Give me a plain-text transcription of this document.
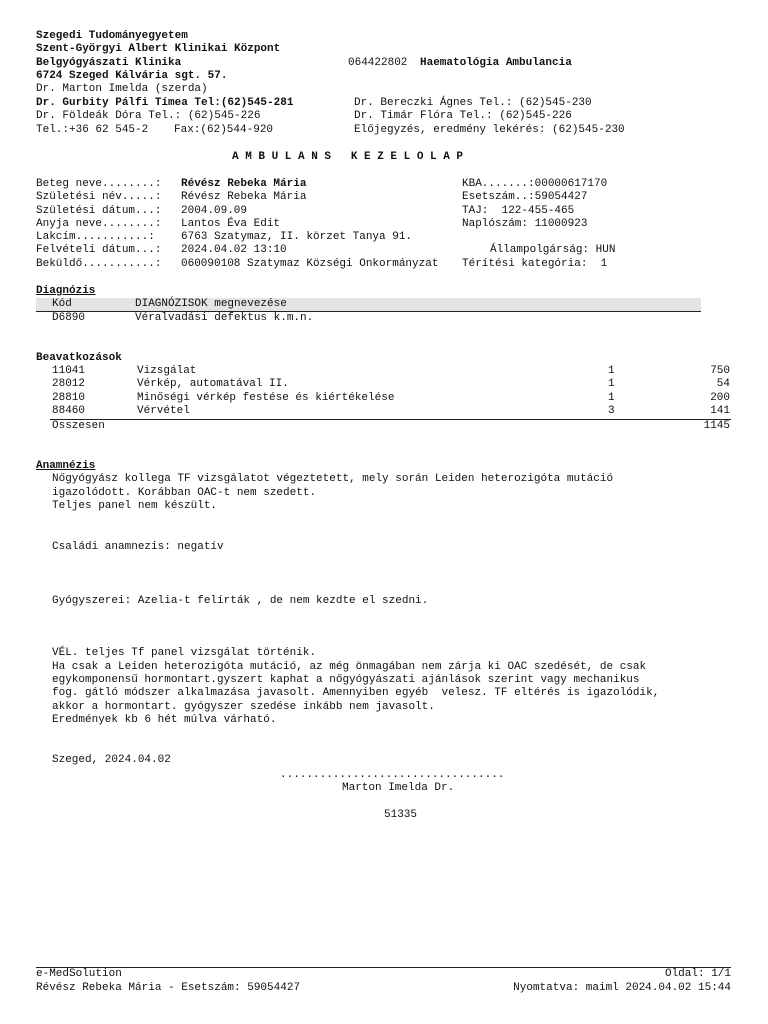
Szegedi Tudományegyetem
Szent-Györgyi Albert Klinikai Központ
Belgyógyászati Klinika	064422802 Haematológia Ambulancia
6724 Szeged Kálvária sgt. 57.
Dr. Marton Imelda (szerda)
Dr. Gurbity Pálfi Tímea Tel:(62)545-281	Dr. Bereczki Ágnes Tel.: (62)545-230
Dr. Földeák Dóra Tel.: (62)545-226	Dr. Timár Flóra Tel.: (62)545-226
Tel.:+36 62 545-2 Fax:(62)544-920	Előjegyzés, eredmény lekérés: (62)545-230
A M B U L A N S   K E Z E L O L A P
Beteg neve........: Révész Rebeka Mária	KBA.......:00000617170
Születési név.....: Révész Rebeka Mária	Esetszám..:59054427
Születési dátum...: 2004.09.09	TAJ:  122-455-465
Anyja neve........: Lantos Éva Edit	Naplószám: 11000923
Lakcím...........: 6763 Szatymaz, II. körzet Tanya 91.
Felvételi dátum...: 2024.04.02 13:10	Állampolgárság: HUN
Beküldő...........: 060090108 Szatymaz Községi Önkormányzat	Térítési kategória:  1
Diagnózis
Kód	DIAGNÓZISOK megnevezése
D6890	Véralvadási defektus k.m.n.
Beavatkozások
11041	Vizsgálat	1	750
28012	Vérkép, automatával II.	1	54
28810	Minőségi vérkép festése és kiértékelése	1	200
88460	Vérvétel	3	141
Összesen	1145
Anamnézis
Nőgyógyász kollega TF vizsgálatot végeztetett, mely során Leiden heterozigóta mutáció
igazolódott. Korábban OAC-t nem szedett.
Teljes panel nem készült.
Családi anamnezis: negatív
Gyógyszerei: Azelia-t felírták , de nem kezdte el szedni.
VÉL. teljes Tf panel vizsgálat történik.
Ha csak a Leiden heterozigóta mutáció, az még önmagában nem zárja ki OAC szedését, de csak
egykomponensű hormontart.gyszert kaphat a nőgyógyászati ajánlások szerint vagy mechanikus
fog. gátló módszer alkalmazása javasolt. Amennyiben egyéb  velesz. TF eltérés is igazolódik,
akkor a hormontart. gyógyszer szedése inkább nem javasolt.
Eredmények kb 6 hét múlva várható.
Szeged, 2024.04.02
..................................
Marton Imelda Dr.
51335
e-MedSolution	Oldal: 1/1
Révész Rebeka Mária - Esetszám: 59054427	Nyomtatva: maiml 2024.04.02 15:44
